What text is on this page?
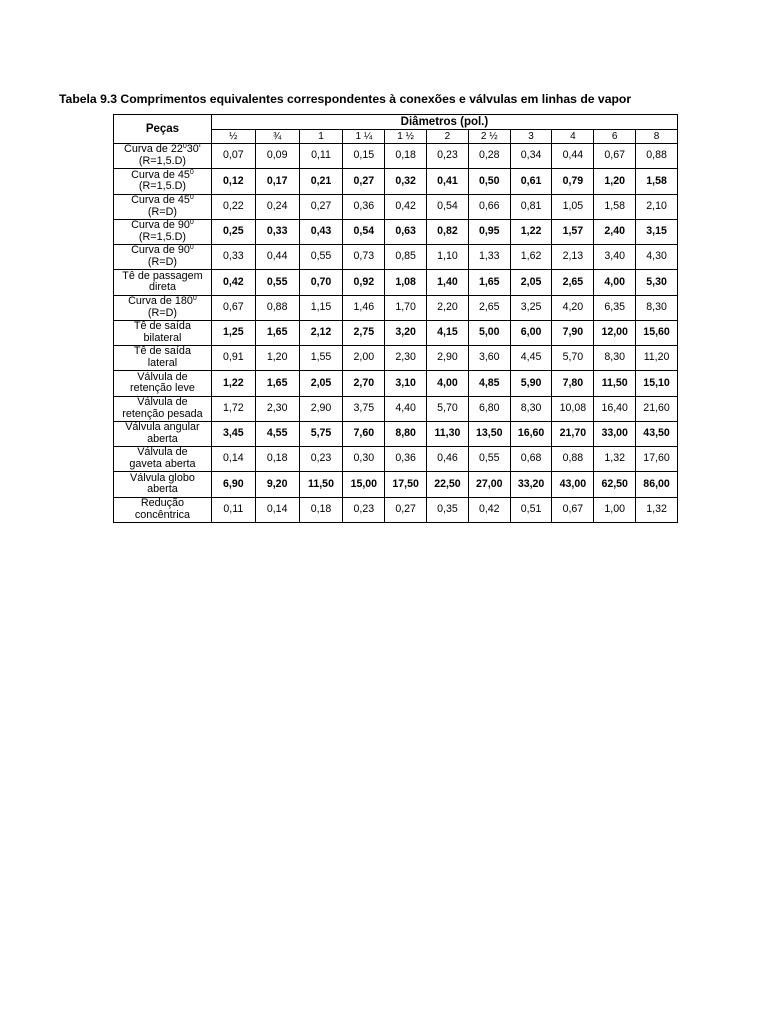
Tabela 9.3 Comprimentos equivalentes correspondentes à conexões e válvulas em linhas de vapor
Peças	Diâmetros (pol.)										
	½	¾	1	1 ¼	1 ½	2	2 ½	3	4	6	8
Curva de $22^030'$
(R=1,5.D)	0,07	0,09	0,11	0,15	0,18	0,23	0,28	0,34	0,44	0,67	0,88
Curva de $45^0$
(R=1,5.D)	0,12	0,17	0,21	0,27	0,32	0,41	0,50	0,61	0,79	1,20	1,58
Curva de $45^0$
(R=D)	0,22	0,24	0,27	0,36	0,42	0,54	0,66	0,81	1,05	1,58	2,10
Curva de $90^0$
(R=1,5.D)	0,25	0,33	0,43	0,54	0,63	0,82	0,95	1,22	1,57	2,40	3,15
Curva de $90^0$
(R=D)	0,33	0,44	0,55	0,73	0,85	1,10	1,33	1,62	2,13	3,40	4,30
Tê de passagem
direta	0,42	0,55	0,70	0,92	1,08	1,40	1,65	2,05	2,65	4,00	5,30
Curva de $180^0$
(R=D)	0,67	0,88	1,15	1,46	1,70	2,20	2,65	3,25	4,20	6,35	8,30
Tê de saída
bilateral	1,25	1,65	2,12	2,75	3,20	4,15	5,00	6,00	7,90	12,00	15,60
Tê de saída
lateral	0,91	1,20	1,55	2,00	2,30	2,90	3,60	4,45	5,70	8,30	11,20
Válvula de
retenção leve	1,22	1,65	2,05	2,70	3,10	4,00	4,85	5,90	7,80	11,50	15,10
Válvula de
retenção pesada	1,72	2,30	2,90	3,75	4,40	5,70	6,80	8,30	10,08	16,40	21,60
Válvula angular
aberta	3,45	4,55	5,75	7,60	8,80	11,30	13,50	16,60	21,70	33,00	43,50
Válvula de
gaveta aberta	0,14	0,18	0,23	0,30	0,36	0,46	0,55	0,68	0,88	1,32	17,60
Válvula globo
aberta	6,90	9,20	11,50	15,00	17,50	22,50	27,00	33,20	43,00	62,50	86,00
Redução
concêntrica	0,11	0,14	0,18	0,23	0,27	0,35	0,42	0,51	0,67	1,00	1,32
